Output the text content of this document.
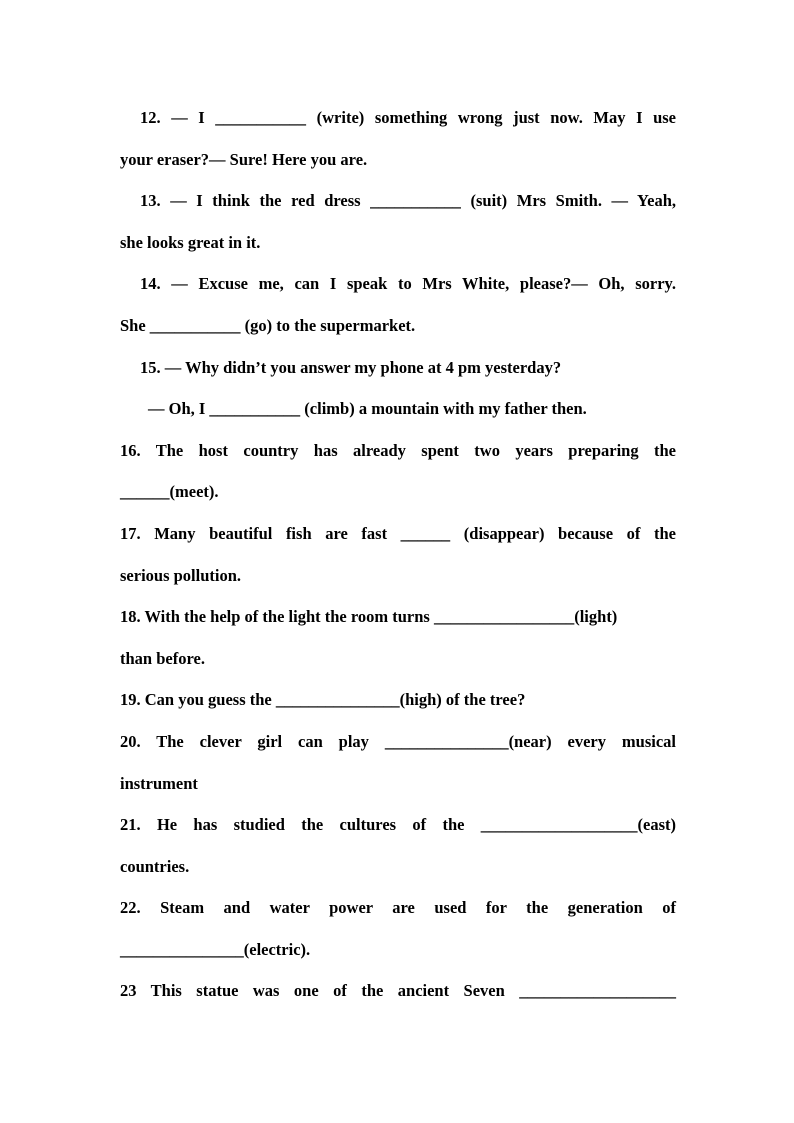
12. — I ___________ (write) something wrong just now. May I use
your eraser?— Sure! Here you are.
13. — I think the red dress ___________ (suit) Mrs Smith. — Yeah,
she looks great in it.
14. — Excuse me, can I speak to Mrs White, please?— Oh, sorry.
She ___________ (go) to the supermarket.
15. — Why didn’t you answer my phone at 4 pm yesterday?
— Oh, I ___________ (climb) a mountain with my father then.
16. The host country has already spent two years preparing the
______(meet).
17. Many beautiful fish are fast ______ (disappear) because of the
serious pollution.
18. With the help of the light the room turns _________________(light)
than before.
19. Can you guess the _______________(high) of the tree?
20. The clever girl can play _______________(near) every musical
instrument
21. He has studied the cultures of the ___________________(east)
countries.
22. Steam and water power are used for the generation of
_______________(electric).
23 This statue was one of the ancient Seven ___________________
